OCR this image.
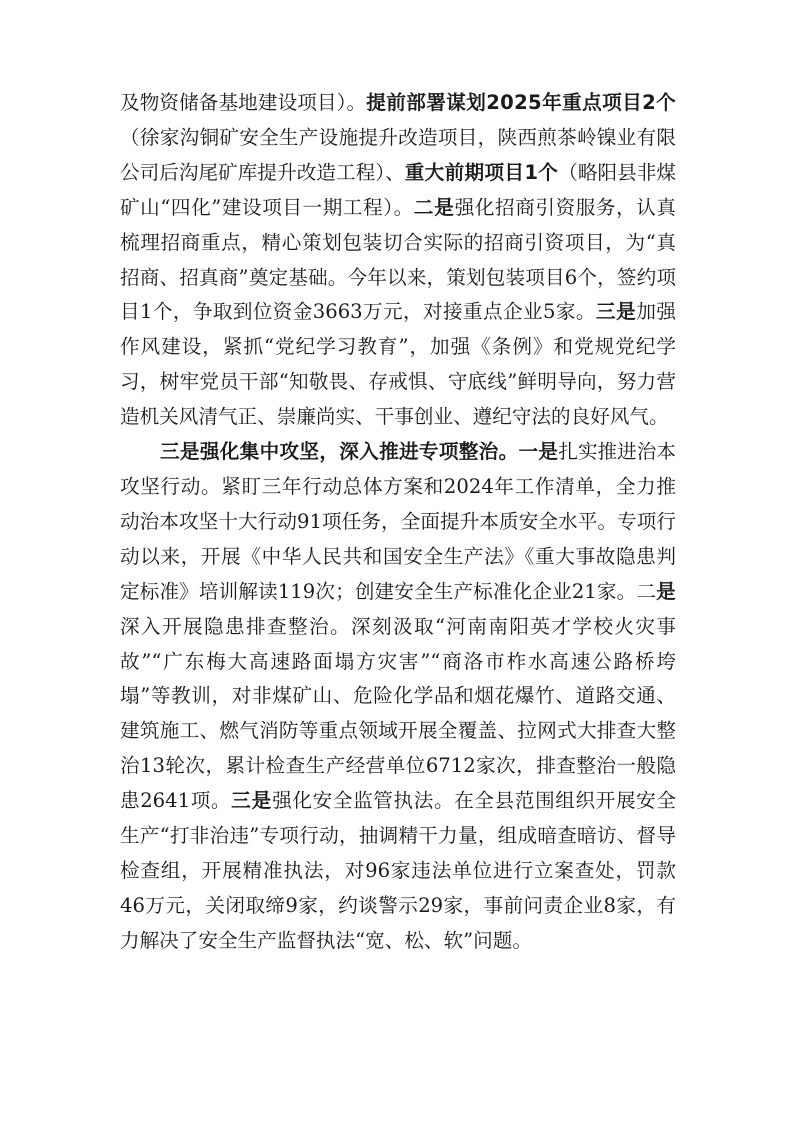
及物资储备基地建设项目）。提前部署谋划2025年重点项目2个（徐家沟铜矿安全生产设施提升改造项目，陕西煎茶岭镍业有限公司后沟尾矿库提升改造工程）、重大前期项目1个（略阳县非煤矿山“四化”建设项目一期工程）。二是强化招商引资服务，认真梳理招商重点，精心策划包装切合实际的招商引资项目，为“真招商、招真商”奠定基础。今年以来，策划包装项目6个，签约项目1个，争取到位资金3663万元，对接重点企业5家。三是加强作风建设，紧抓“党纪学习教育”，加强《条例》和党规党纪学习，树牢党员干部“知敬畏、存戒惧、守底线”鲜明导向，努力营造机关风清气正、崇廉尚实、干事创业、遵纪守法的良好风气。

三是强化集中攻坚，深入推进专项整治。一是扎实推进治本攻坚行动。紧盯三年行动总体方案和2024年工作清单，全力推动治本攻坚十大行动91项任务，全面提升本质安全水平。专项行动以来，开展《中华人民共和国安全生产法》《重大事故隐患判定标准》培训解读119次；创建安全生产标准化企业21家。二是深入开展隐患排查整治。深刻汲取“河南南阳英才学校火灾事故”“广东梅大高速路面塌方灾害”“商洛市柞水高速公路桥垮塌”等教训，对非煤矿山、危险化学品和烟花爆竹、道路交通、建筑施工、燃气消防等重点领域开展全覆盖、拉网式大排查大整治13轮次，累计检查生产经营单位6712家次，排查整治一般隐患2641项。三是强化安全监管执法。在全县范围组织开展安全生产“打非治违”专项行动，抽调精干力量，组成暗查暗访、督导检查组，开展精准执法，对96家违法单位进行立案查处，罚款46万元，关闭取缔9家，约谈警示29家，事前问责企业8家，有力解决了安全生产监督执法“宽、松、软”问题。
